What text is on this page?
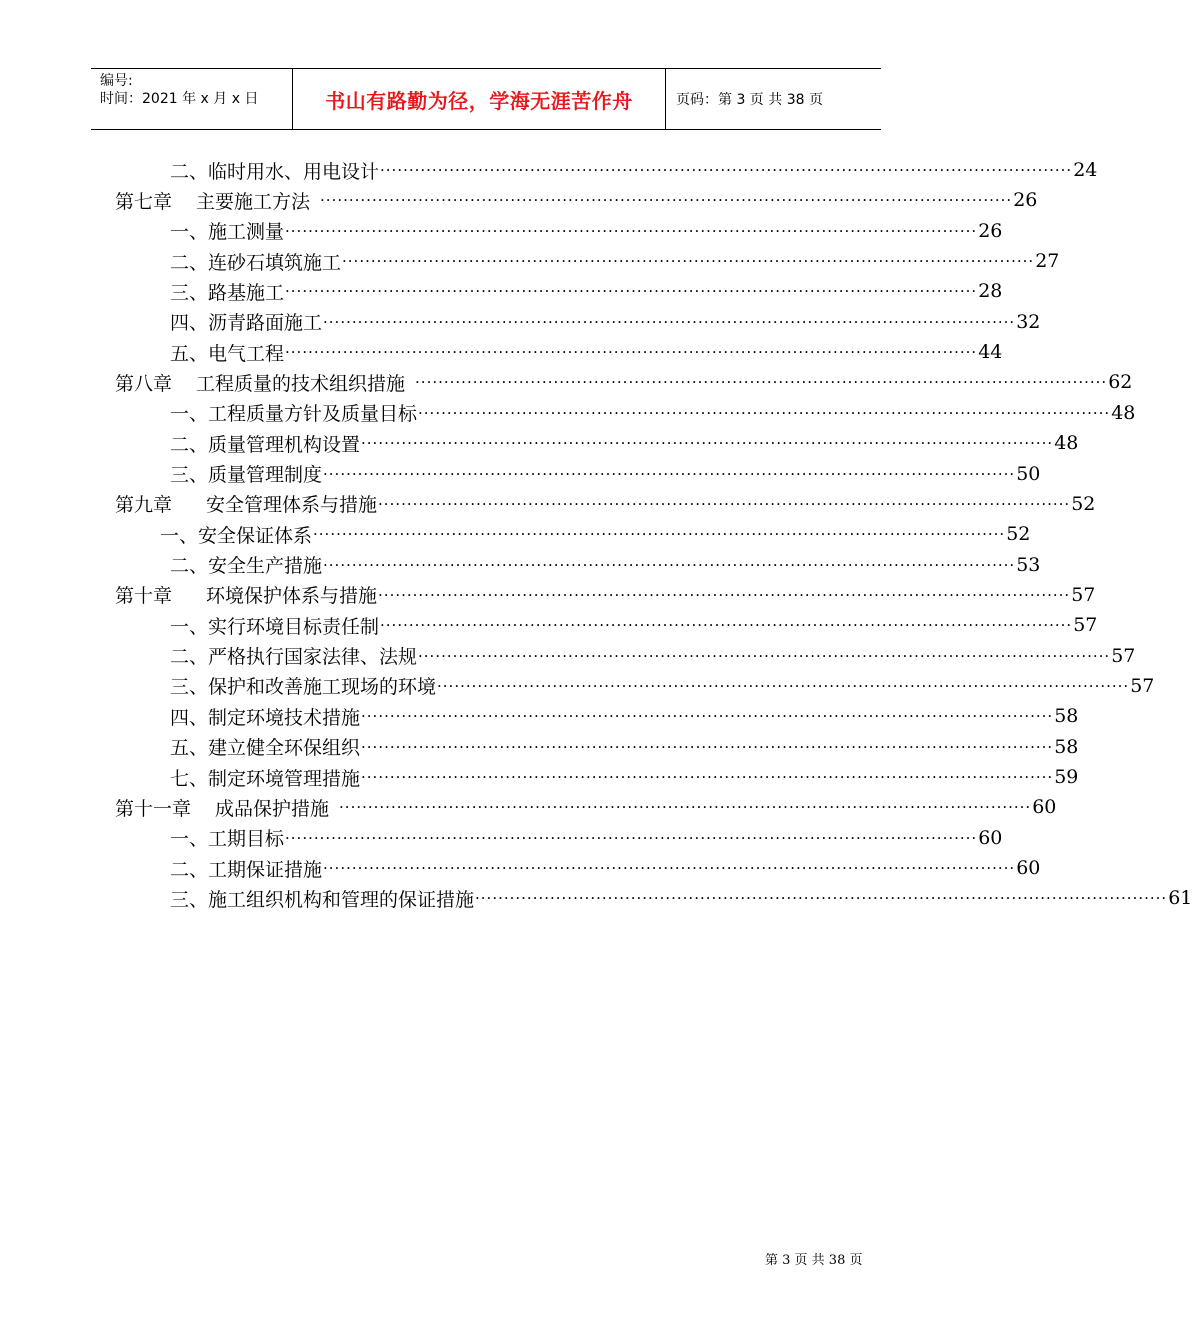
编号:
时间：2021 年 x 月 x 日	书山有路勤为径，学海无涯苦作舟	页码：第 3 页 共 38 页
二、临时用水、用电设计 ························································································································ 24
第七章 主要施工方法 ························································································································ 26
一、施工测量 ························································································································ 26
二、连砂石填筑施工 ························································································································ 27
三、路基施工 ························································································································ 28
四、沥青路面施工 ························································································································ 32
五、电气工程 ························································································································ 44
第八章 工程质量的技术组织措施 ························································································································ 62
一、工程质量方针及质量目标 ························································································································ 48
二、质量管理机构设置 ························································································································ 48
三、质量管理制度 ························································································································ 50
第九章 安全管理体系与措施 ························································································································ 52
一、安全保证体系 ························································································································ 52
二、安全生产措施 ························································································································ 53
第十章 环境保护体系与措施 ························································································································ 57
一、实行环境目标责任制 ························································································································ 57
二、严格执行国家法律、法规 ························································································································ 57
三、保护和改善施工现场的环境 ························································································································ 57
四、制定环境技术措施 ························································································································ 58
五、建立健全环保组织 ························································································································ 58
七、制定环境管理措施 ························································································································ 59
第十一章 成品保护措施 ························································································································ 60
一、工期目标 ························································································································ 60
二、工期保证措施 ························································································································ 60
三、施工组织机构和管理的保证措施 ························································································································ 61
第 3 页 共 38 页
